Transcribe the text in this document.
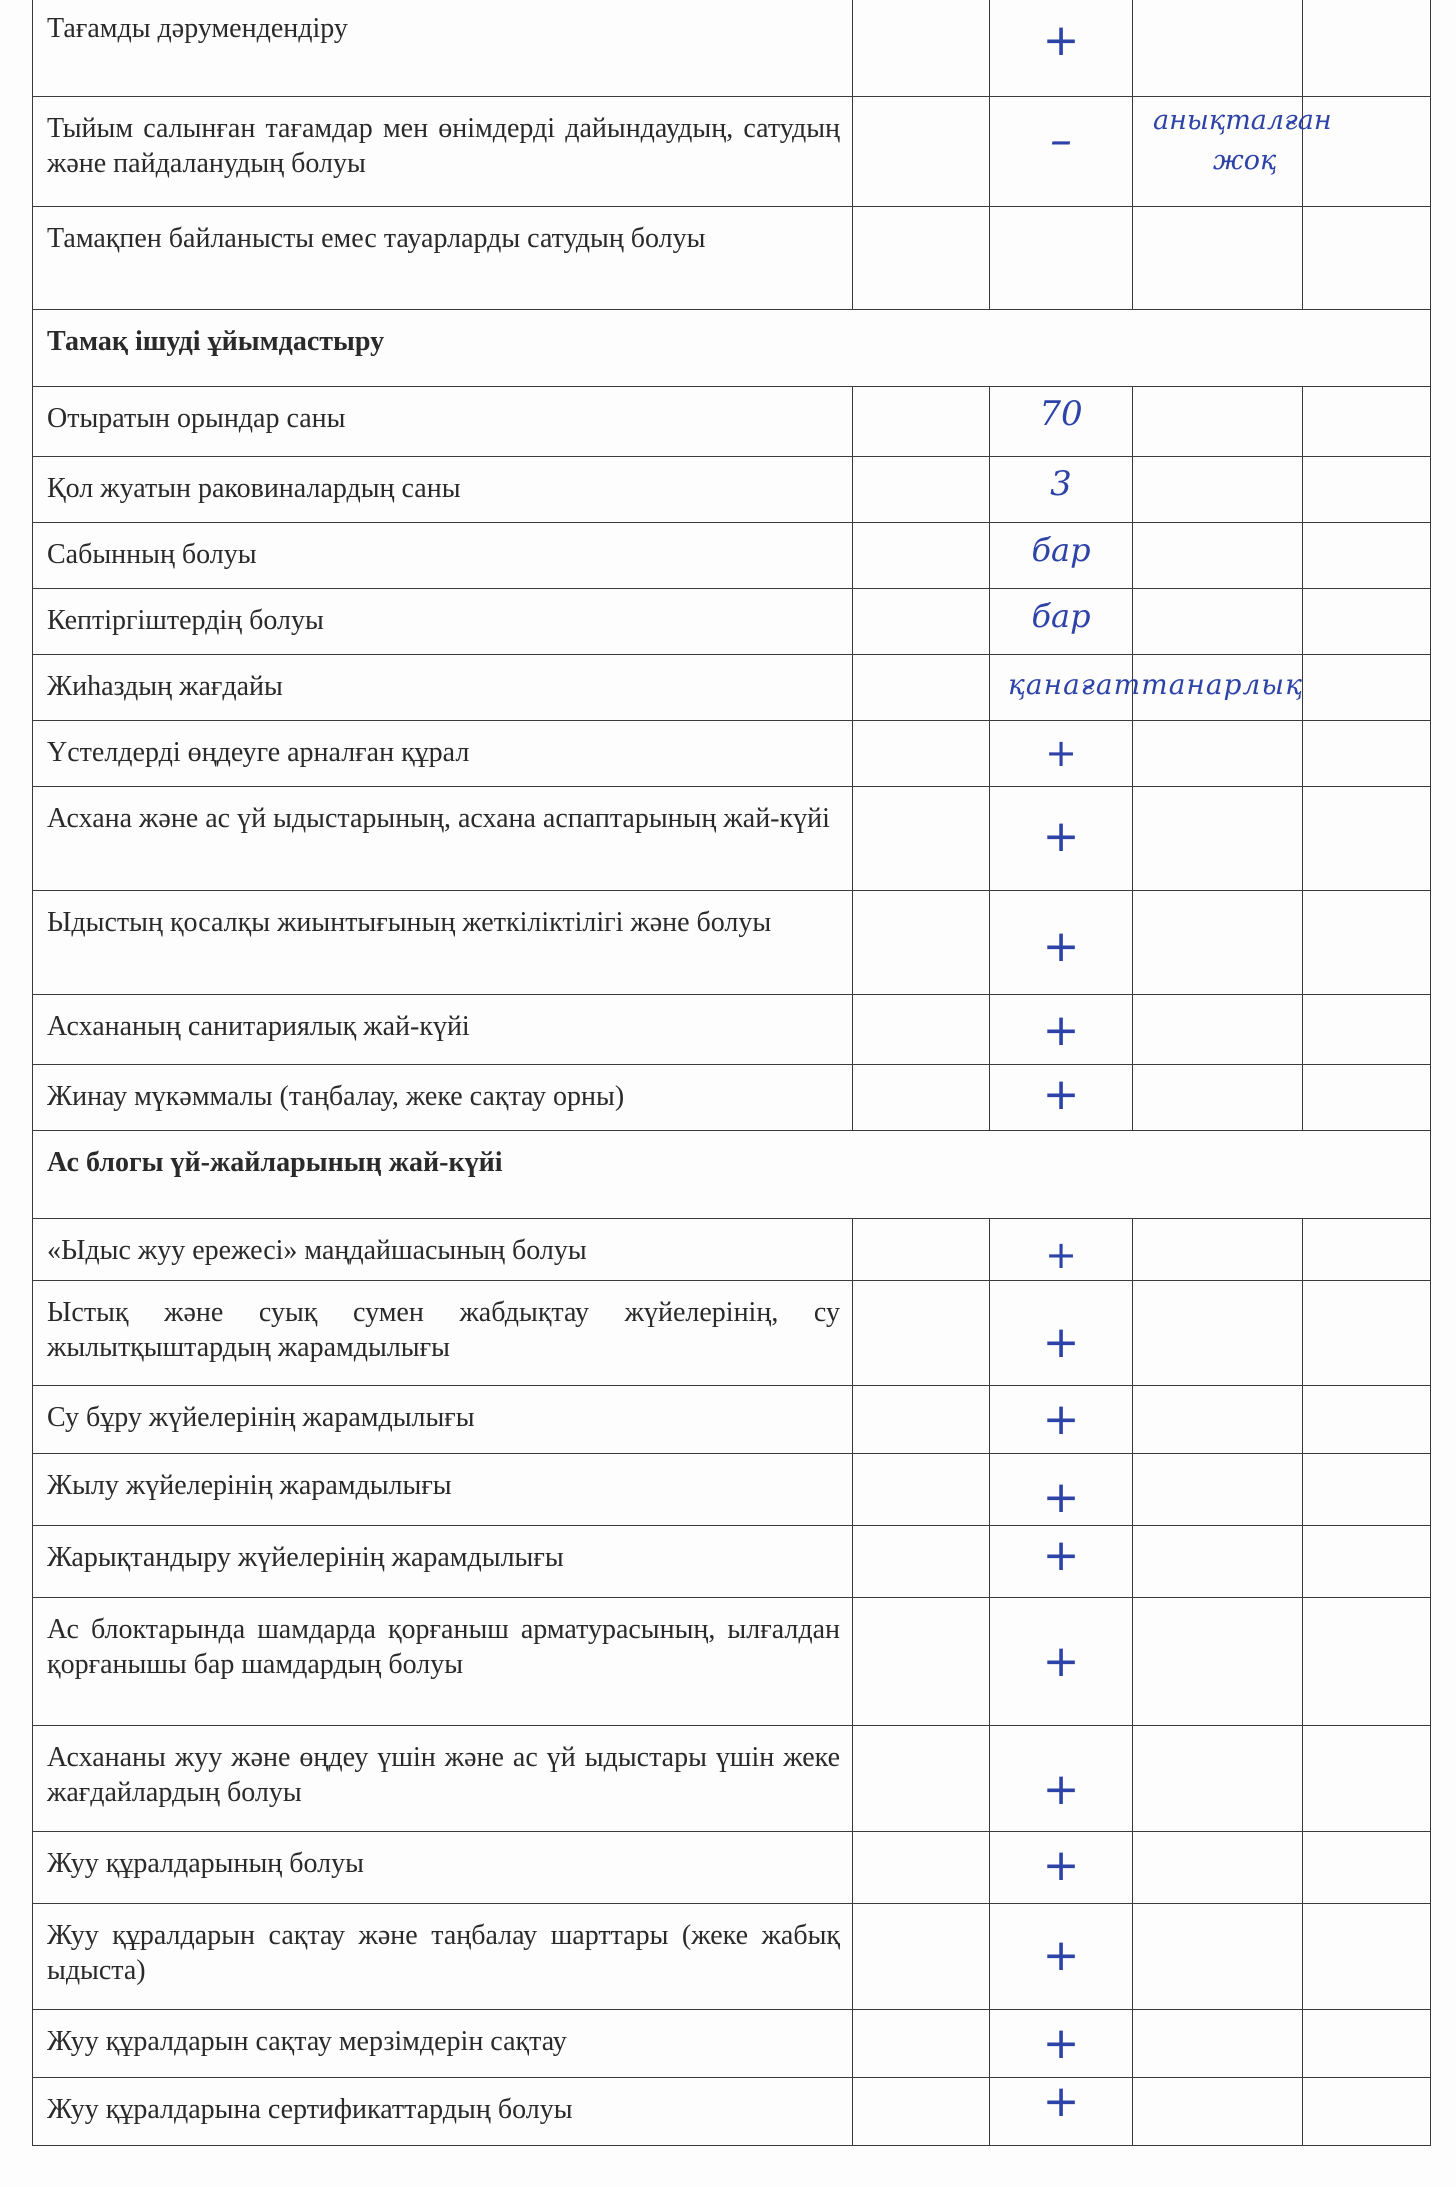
Тағамды дәрумендендіру		+		

Тыйым салынған тағамдар мен өнімдерді дайындаудың, сатудың және пайдаланудың болуы		–	анықталған
жоқ	

Тамақпен байланысты емес тауарларды сатудың болуы				

Тамақ ішуді ұйымдастыру				

Отыратын орындар саны		70		

Қол жуатын раковиналардың саны		3		

Сабынның болуы		бар		

Кептіргіштердің болуы		бар		

Жиһаздың жағдайы		қанағаттанарлық		

Үстелдерді өңдеуге арналған құрал		+		

Асхана және ас үй ыдыстарының, асхана аспаптарының жай-күйі		+		

Ыдыстың қосалқы жиынтығының жеткіліктілігі және болуы		+		

Асхананың санитариялық жай-күйі		+		

Жинау мүкәммалы (таңбалау, жеке сақтау орны)		+		

Ас блогы үй-жайларының жай-күйі				

«Ыдыс жуу ережесі» маңдайшасының болуы		+		

Ыстық және суық сумен жабдықтау жүйелерінің, су жылытқыштардың жарамдылығы		+		

Су бұру жүйелерінің жарамдылығы		+		

Жылу жүйелерінің жарамдылығы		+		

Жарықтандыру жүйелерінің жарамдылығы		+		

Ас блоктарында шамдарда қорғаныш арматурасының, ылғалдан қорғанышы бар шамдардың болуы		+		

Асхананы жуу және өңдеу үшін және ас үй ыдыстары үшін жеке жағдайлардың болуы		+		

Жуу құралдарының болуы		+		

Жуу құралдарын сақтау және таңбалау шарттары (жеке жабық ыдыста)		+		

Жуу құралдарын сақтау мерзімдерін сақтау		+		

Жуу құралдарына сертификаттардың болуы		+		
